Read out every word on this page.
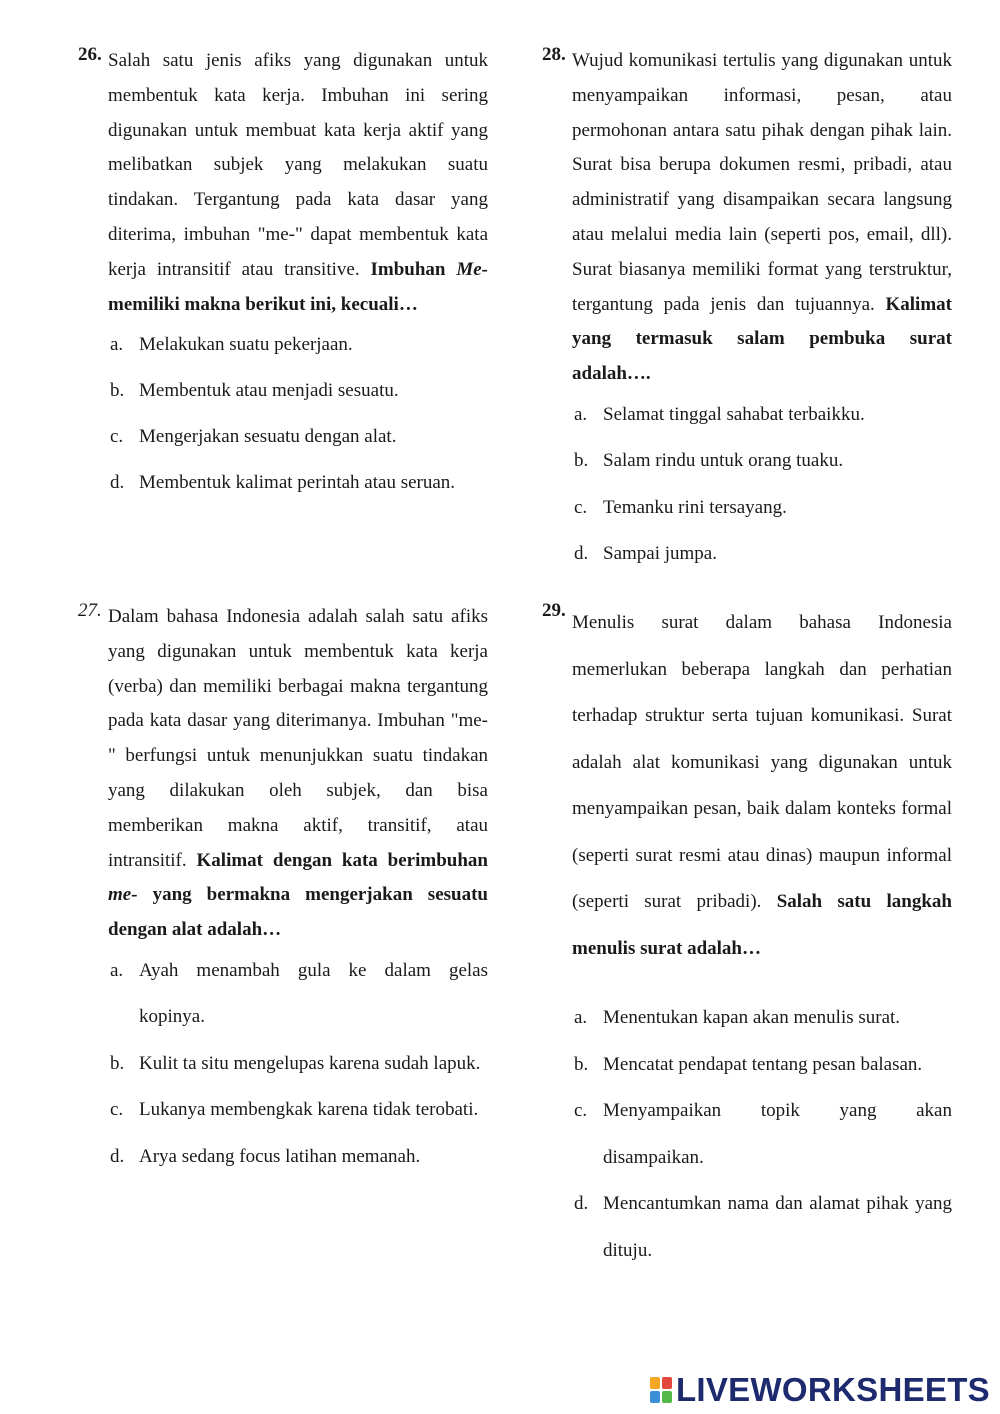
26. Salah satu jenis afiks yang digunakan untuk membentuk kata kerja. Imbuhan ini sering digunakan untuk membuat kata kerja aktif yang melibatkan subjek yang melakukan suatu tindakan. Tergantung pada kata dasar yang diterima, imbuhan "me-" dapat membentuk kata kerja intransitif atau transitive. Imbuhan Me- memiliki makna berikut ini, kecuali…
a. Melakukan suatu pekerjaan.
b. Membentuk atau menjadi sesuatu.
c. Mengerjakan sesuatu dengan alat.
d. Membentuk kalimat perintah atau seruan.
27. Dalam bahasa Indonesia adalah salah satu afiks yang digunakan untuk membentuk kata kerja (verba) dan memiliki berbagai makna tergantung pada kata dasar yang diterimanya. Imbuhan "me-" berfungsi untuk menunjukkan suatu tindakan yang dilakukan oleh subjek, dan bisa memberikan makna aktif, transitif, atau intransitif. Kalimat dengan kata berimbuhan me- yang bermakna mengerjakan sesuatu dengan alat adalah…
a. Ayah menambah gula ke dalam gelas kopinya.
b. Kulit ta situ mengelupas karena sudah lapuk.
c. Lukanya membengkak karena tidak terobati.
d. Arya sedang focus latihan memanah.
28. Wujud komunikasi tertulis yang digunakan untuk menyampaikan informasi, pesan, atau permohonan antara satu pihak dengan pihak lain. Surat bisa berupa dokumen resmi, pribadi, atau administratif yang disampaikan secara langsung atau melalui media lain (seperti pos, email, dll). Surat biasanya memiliki format yang terstruktur, tergantung pada jenis dan tujuannya. Kalimat yang termasuk salam pembuka surat adalah….
a. Selamat tinggal sahabat terbaikku.
b. Salam rindu untuk orang tuaku.
c. Temanku rini tersayang.
d. Sampai jumpa.
29.
Menulis surat dalam bahasa Indonesia memerlukan beberapa langkah dan perhatian terhadap struktur serta tujuan komunikasi. Surat adalah alat komunikasi yang digunakan untuk menyampaikan pesan, baik dalam konteks formal (seperti surat resmi atau dinas) maupun informal (seperti surat pribadi). Salah satu langkah menulis surat adalah…
a. Menentukan kapan akan menulis surat.
b. Mencatat pendapat tentang pesan balasan.
c. Menyampaikan topik yang akan disampaikan.
d. Mencantumkan nama dan alamat pihak yang dituju.
LIVEWORKSHEETS
